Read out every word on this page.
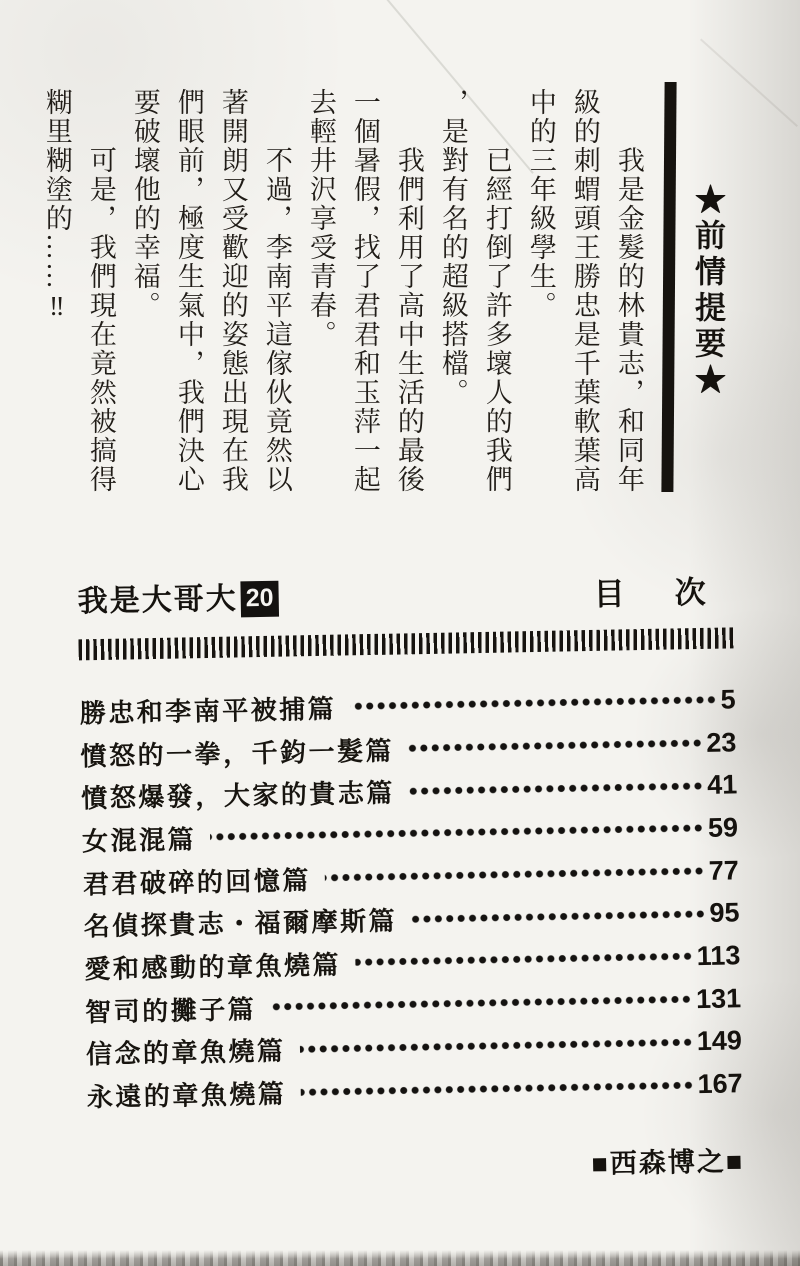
★前情提要★
我是金髮的林貴志，和同年
級的刺蝟頭王勝忠是千葉軟葉高
中的三年級學生。
已經打倒了許多壞人的我們
，是對有名的超級搭檔。
我們利用了高中生活的最後
一個暑假，找了君君和玉萍一起
去輕井沢享受青春。
不過，李南平這傢伙竟然以
著開朗又受歡迎的姿態出現在我
們眼前，極度生氣中，我們決心
要破壞他的幸福。
可是，我們現在竟然被搞得
糊里糊塗的……‼
我是大哥大 20	目 次
勝忠和李南平被捕篇	5
憤怒的一拳，千鈞一髮篇	23
憤怒爆發，大家的貴志篇	41
女混混篇	59
君君破碎的回憶篇	77
名偵探貴志・福爾摩斯篇	95
愛和感動的章魚燒篇	113
智司的攤子篇	131
信念的章魚燒篇	149
永遠的章魚燒篇	167
■西森博之■
